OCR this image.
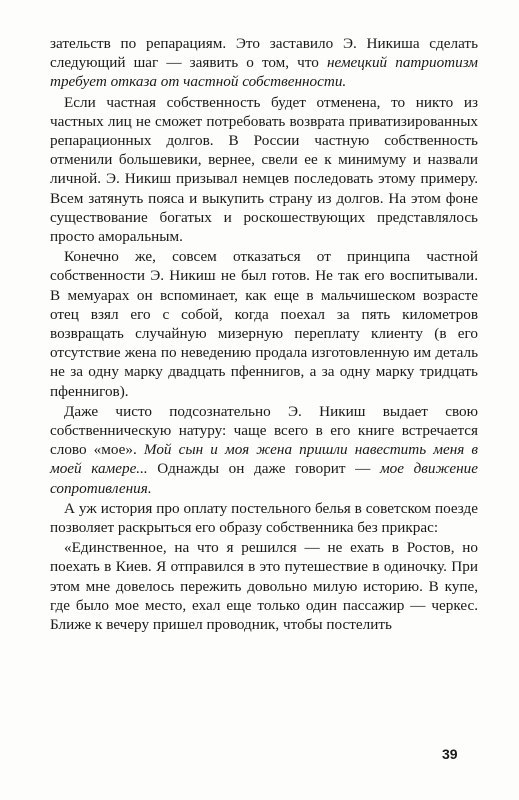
зательств по репарациям. Это заставило Э. Никиша сделать следующий шаг — заявить о том, что немецкий патриотизм требует отказа от частной собственности.

Если частная собственность будет отменена, то никто из частных лиц не сможет потребовать возврата приватизированных репарационных долгов. В России частную собственность отменили большевики, вернее, свели ее к минимуму и назвали личной. Э. Никиш призывал немцев последовать этому примеру. Всем затянуть пояса и выкупить страну из долгов. На этом фоне существование богатых и роскошествующих представлялось просто аморальным.

Конечно же, совсем отказаться от принципа частной собственности Э. Никиш не был готов. Не так его воспитывали. В мемуарах он вспоминает, как еще в мальчишеском возрасте отец взял его с собой, когда поехал за пять километров возвращать случайную мизерную переплату клиенту (в его отсутствие жена по неведению продала изготовленную им деталь не за одну марку двадцать пфеннигов, а за одну марку тридцать пфеннигов).

Даже чисто подсознательно Э. Никиш выдает свою собственническую натуру: чаще всего в его книге встречается слово «мое». Мой сын и моя жена пришли навестить меня в моей камере... Однажды он даже говорит — мое движение сопротивления.

А уж история про оплату постельного белья в советском поезде позволяет раскрыться его образу собственника без прикрас:

«Единственное, на что я решился — не ехать в Ростов, но поехать в Киев. Я отправился в это путешествие в одиночку. При этом мне довелось пережить довольно милую историю. В купе, где было мое место, ехал еще только один пассажир — черкес. Ближе к вечеру пришел проводник, чтобы постелить

39
